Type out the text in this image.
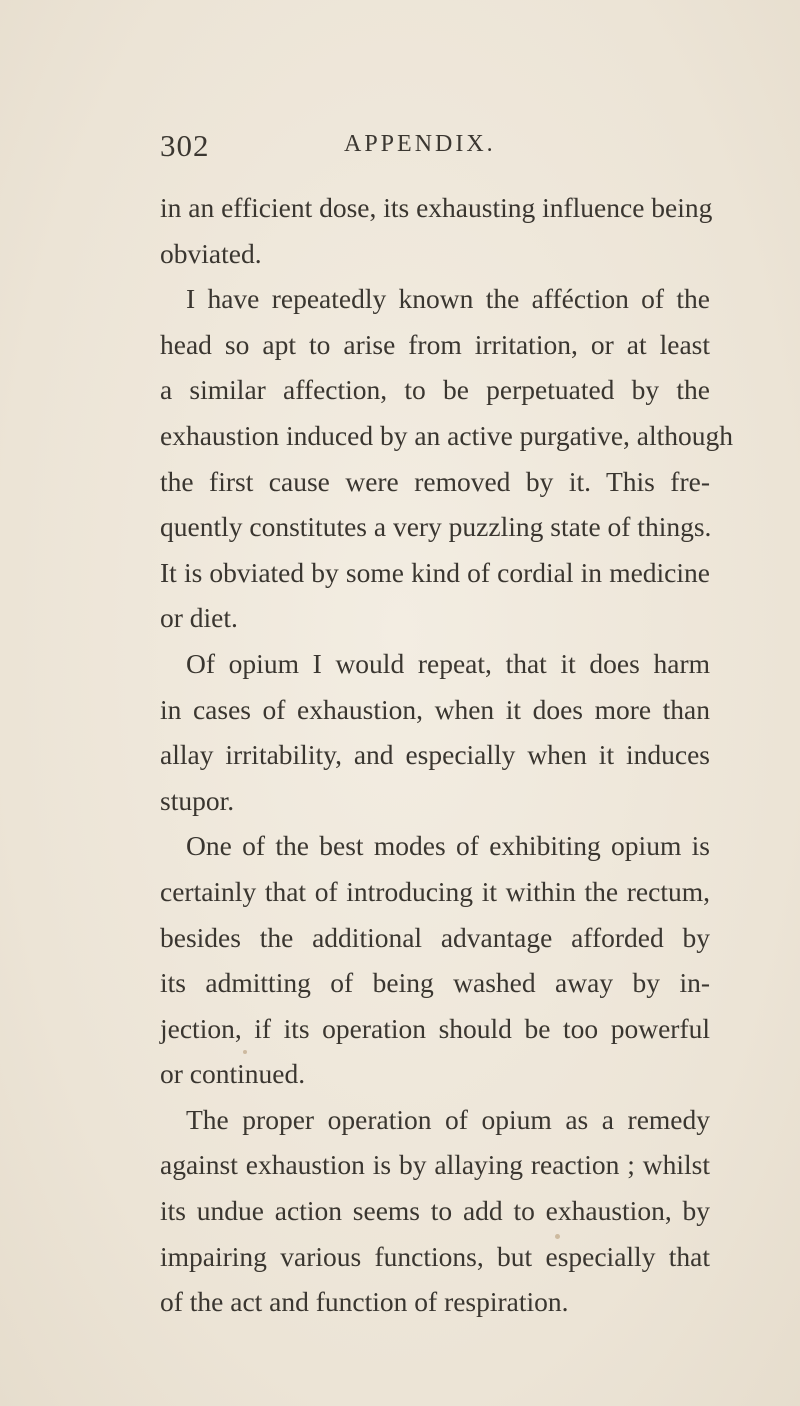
302	APPENDIX.
in an efficient dose, its exhausting influence being
obviated.
I have repeatedly known the afféction of the
head so apt to arise from irritation, or at least
a similar affection, to be perpetuated by the
exhaustion induced by an active purgative, although
the first cause were removed by it. This fre-
quently constitutes a very puzzling state of things.
It is obviated by some kind of cordial in medicine
or diet.
Of opium I would repeat, that it does harm
in cases of exhaustion, when it does more than
allay irritability, and especially when it induces
stupor.
One of the best modes of exhibiting opium is
certainly that of introducing it within the rectum,
besides the additional advantage afforded by
its admitting of being washed away by in-
jection, if its operation should be too powerful
or continued.
The proper operation of opium as a remedy
against exhaustion is by allaying reaction ; whilst
its undue action seems to add to exhaustion, by
impairing various functions, but especially that
of the act and function of respiration.
